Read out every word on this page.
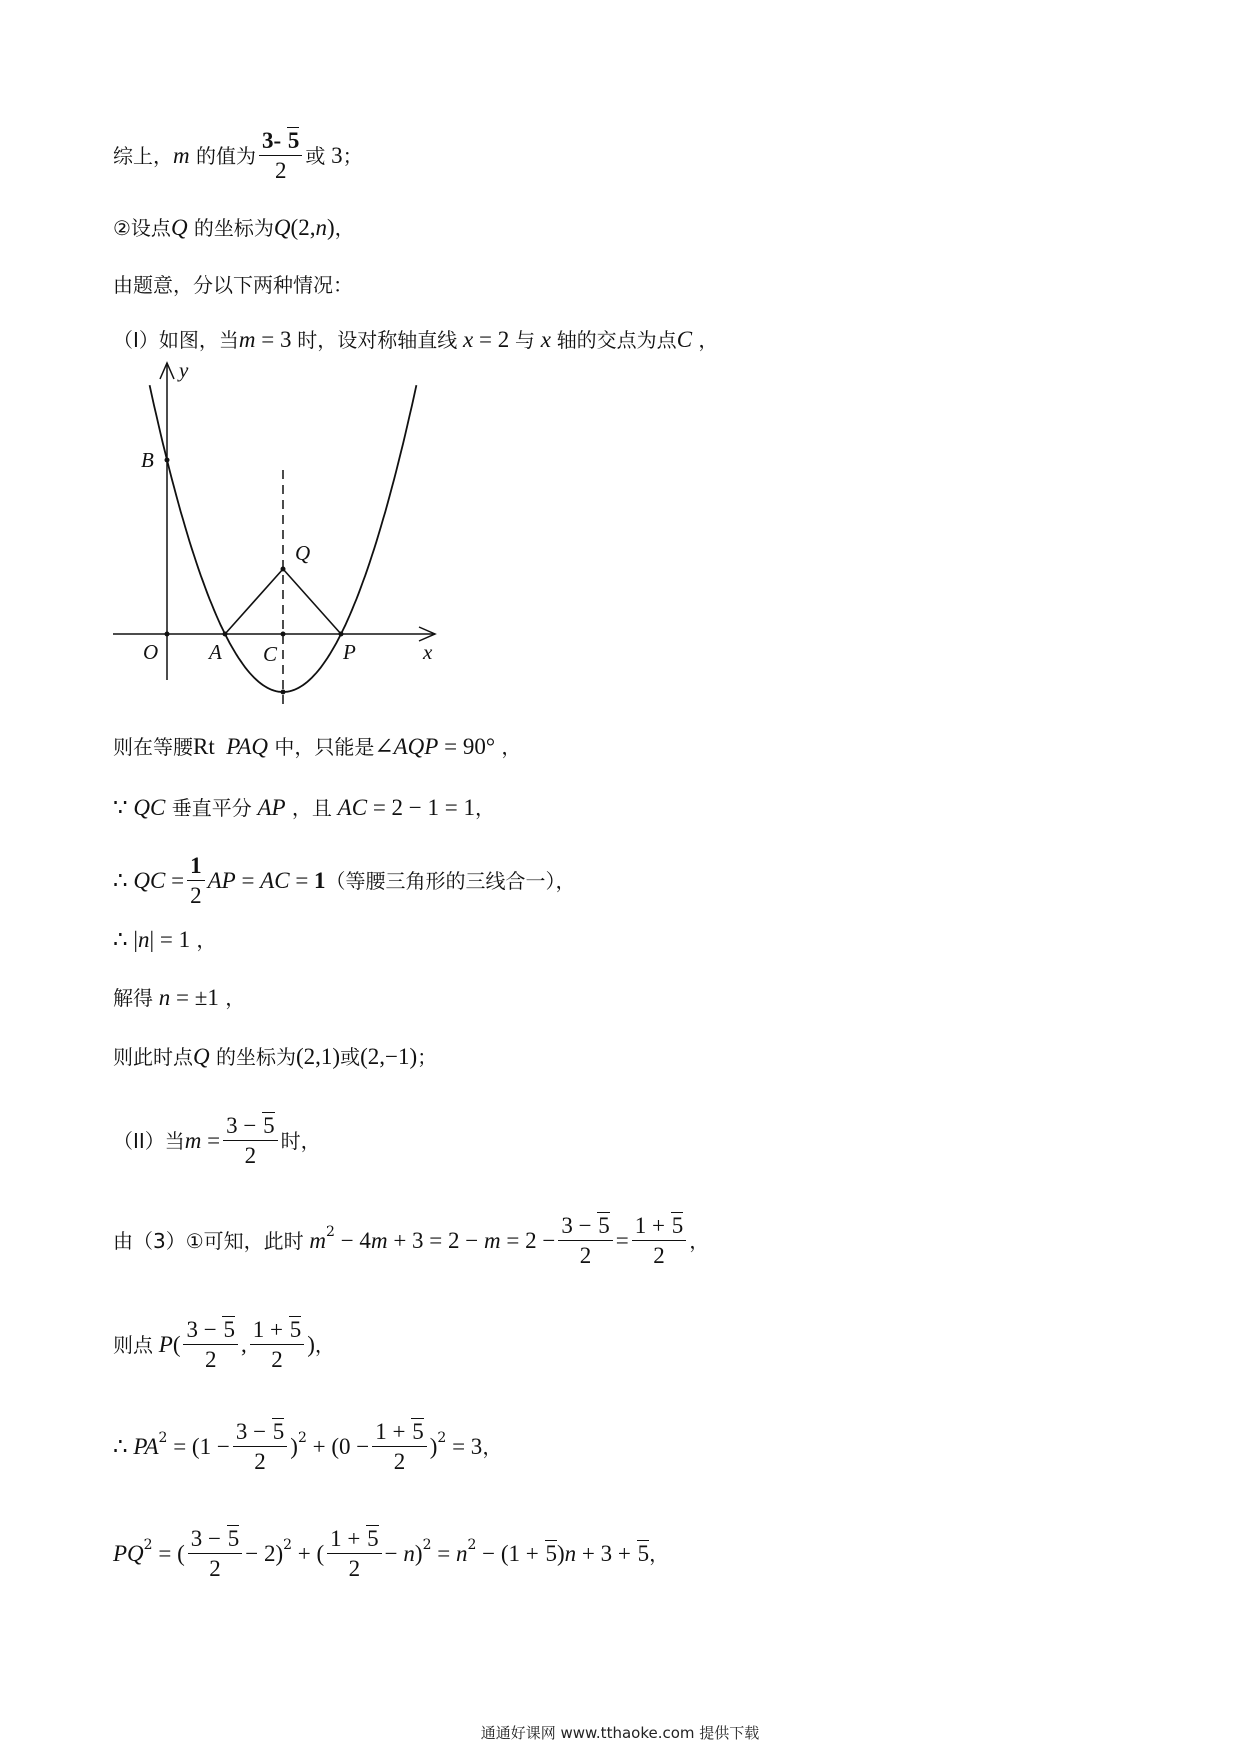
综上， m 的值为 $\frac{3- 5}{2}$ 或 3 ；
②设点 Q 的坐标为 Q (2, n ) ，
由题意，分以下两种情况：
（I）如图，当 m = 3 时，设对称轴直线 x = 2 与 x 轴的交点为点 C ，
y
x
B
Q
O A C	P
则在等腰 Rt PAQ 中，只能是 ∠ AQP = 90° ，
∵ QC 垂直平分 AP ，且 AC = 2 − 1 = 1 ，
∴ QC = $\frac{1}{2}$ AP = AC = 1 （等腰三角形的三线合一），
∴ | n | = 1 ，
解得 n = ±1 ，
则此时点 Q 的坐标为 (2,1) 或 (2,−1) ；
（II）当 $m = \frac{3 - 5}{2}$ 时，
由（3）①可知，此时 m 2 − 4 $m + 3 = 2 - m = 2 - \frac{3 - 5}{2} = \frac{1 + 5}{2}$ ，
则点 P ( $\frac{3 - 5}{2}$ , $\frac{1 + 5}{2}$ ) ，
∴ PA $2 = (1 - \frac{3 - 5}{2}$ ) $2 + (0 - \frac{1 + 5}{2}$ ) 2 = 3 ，
PQ 2 = ( $\frac{3 - 5}{2} - 2$) 2 + ( $\frac{1 + 5}{2} - n$ ) 2 = n 2 − (1 + 5) n + 3 + 5 ，
通通好课网 www.tthaoke.com 提供下载
